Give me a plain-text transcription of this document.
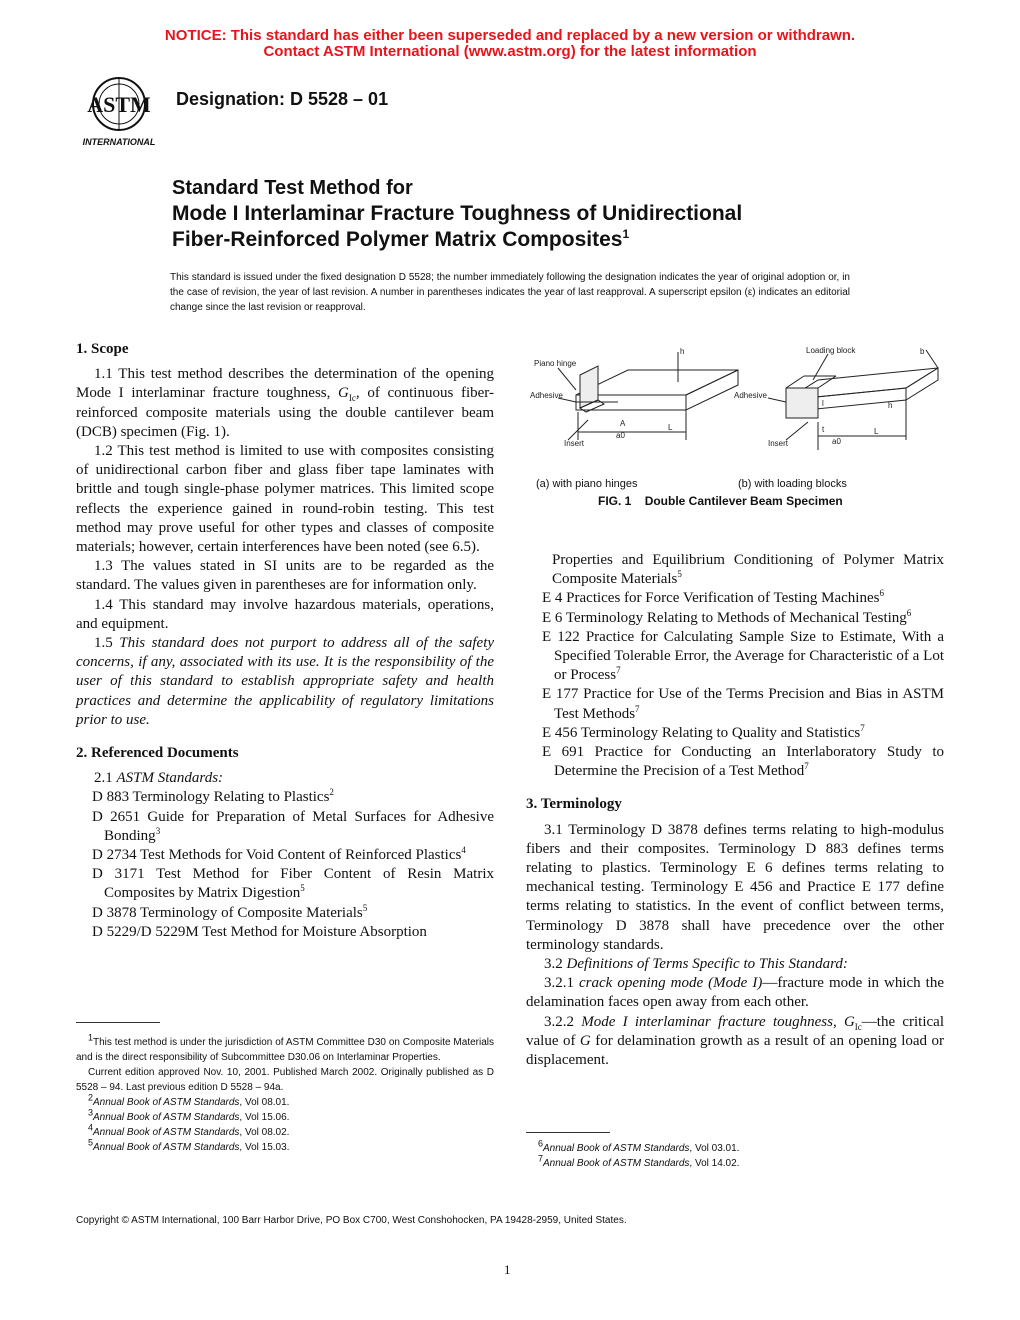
NOTICE: This standard has either been superseded and replaced by a new version or withdrawn.
Contact ASTM International (www.astm.org) for the latest information
ASTM
INTERNATIONAL
Designation: D 5528 – 01
Standard Test Method for
Mode I Interlaminar Fracture Toughness of Unidirectional
Fiber-Reinforced Polymer Matrix Composites$^1$
This standard is issued under the fixed designation D 5528; the number immediately following the designation indicates the year of original adoption or, in the case of revision, the year of last revision. A number in parentheses indicates the year of last reapproval. A superscript epsilon (ε) indicates an editorial change since the last revision or reapproval.

1. Scope

1.1 This test method describes the determination of the opening Mode I interlaminar fracture toughness, $G_{Ic}$, of continuous fiber-reinforced composite materials using the double cantilever beam (DCB) specimen (Fig. 1).

1.2 This test method is limited to use with composites consisting of unidirectional carbon fiber and glass fiber tape laminates with brittle and tough single-phase polymer matrices. This limited scope reflects the experience gained in round-robin testing. This test method may prove useful for other types and classes of composite materials; however, certain interferences have been noted (see 6.5).

1.3 The values stated in SI units are to be regarded as the standard. The values given in parentheses are for information only.

1.4 This standard may involve hazardous materials, operations, and equipment.

1.5 This standard does not purport to address all of the safety concerns, if any, associated with its use. It is the responsibility of the user of this standard to establish appropriate safety and health practices and determine the applicability of regulatory limitations prior to use.

2. Referenced Documents

2.1 ASTM Standards:

D 883 Terminology Relating to Plastics$^2$

D 2651 Guide for Preparation of Metal Surfaces for Adhesive Bonding$^3$

D 2734 Test Methods for Void Content of Reinforced Plastics$^4$

D 3171 Test Method for Fiber Content of Resin Matrix Composites by Matrix Digestion$^5$

D 3878 Terminology of Composite Materials$^5$

D 5229/D 5229M Test Method for Moisture Absorption

Piano hinge
Adhesive
Insert
h
L
a0
A
Loading block
Adhesive
Insert
b
L
a0
l
t
h
(a) with piano hinges	(b) with loading blocks
FIG. 1 Double Cantilever Beam Specimen

Properties and Equilibrium Conditioning of Polymer Matrix Composite Materials$^5$

E 4 Practices for Force Verification of Testing Machines$^6$

E 6 Terminology Relating to Methods of Mechanical Testing$^6$

E 122 Practice for Calculating Sample Size to Estimate, With a Specified Tolerable Error, the Average for Characteristic of a Lot or Process$^7$

E 177 Practice for Use of the Terms Precision and Bias in ASTM Test Methods$^7$

E 456 Terminology Relating to Quality and Statistics$^7$

E 691 Practice for Conducting an Interlaboratory Study to Determine the Precision of a Test Method$^7$

3. Terminology

3.1 Terminology D 3878 defines terms relating to high-modulus fibers and their composites. Terminology D 883 defines terms relating to plastics. Terminology E 6 defines terms relating to mechanical testing. Terminology E 456 and Practice E 177 define terms relating to statistics. In the event of conflict between terms, Terminology D 3878 shall have precedence over the other terminology standards.

3.2 Definitions of Terms Specific to This Standard:

3.2.1 crack opening mode (Mode I)—fracture mode in which the delamination faces open away from each other.

3.2.2 Mode I interlaminar fracture toughness, $G_{Ic}—the$ critical value of G for delamination growth as a result of an opening load or displacement.

$^1$This test method is under the jurisdiction of ASTM Committee D30 on Composite Materials and is the direct responsibility of Subcommittee D30.06 on Interlaminar Properties.

Current edition approved Nov. 10, 2001. Published March 2002. Originally published as D 5528 – 94. Last previous edition D 5528 – 94a.

$^2$Annual Book of ASTM Standards, Vol 08.01.

$^3$Annual Book of ASTM Standards, Vol 15.06.

$^4$Annual Book of ASTM Standards, Vol 08.02.

$^5$Annual Book of ASTM Standards, Vol 15.03.	$^6$Annual Book of ASTM Standards, Vol 03.01.

$^7$Annual Book of ASTM Standards, Vol 14.02.

Copyright © ASTM International, 100 Barr Harbor Drive, PO Box C700, West Conshohocken, PA 19428-2959, United States.
1
